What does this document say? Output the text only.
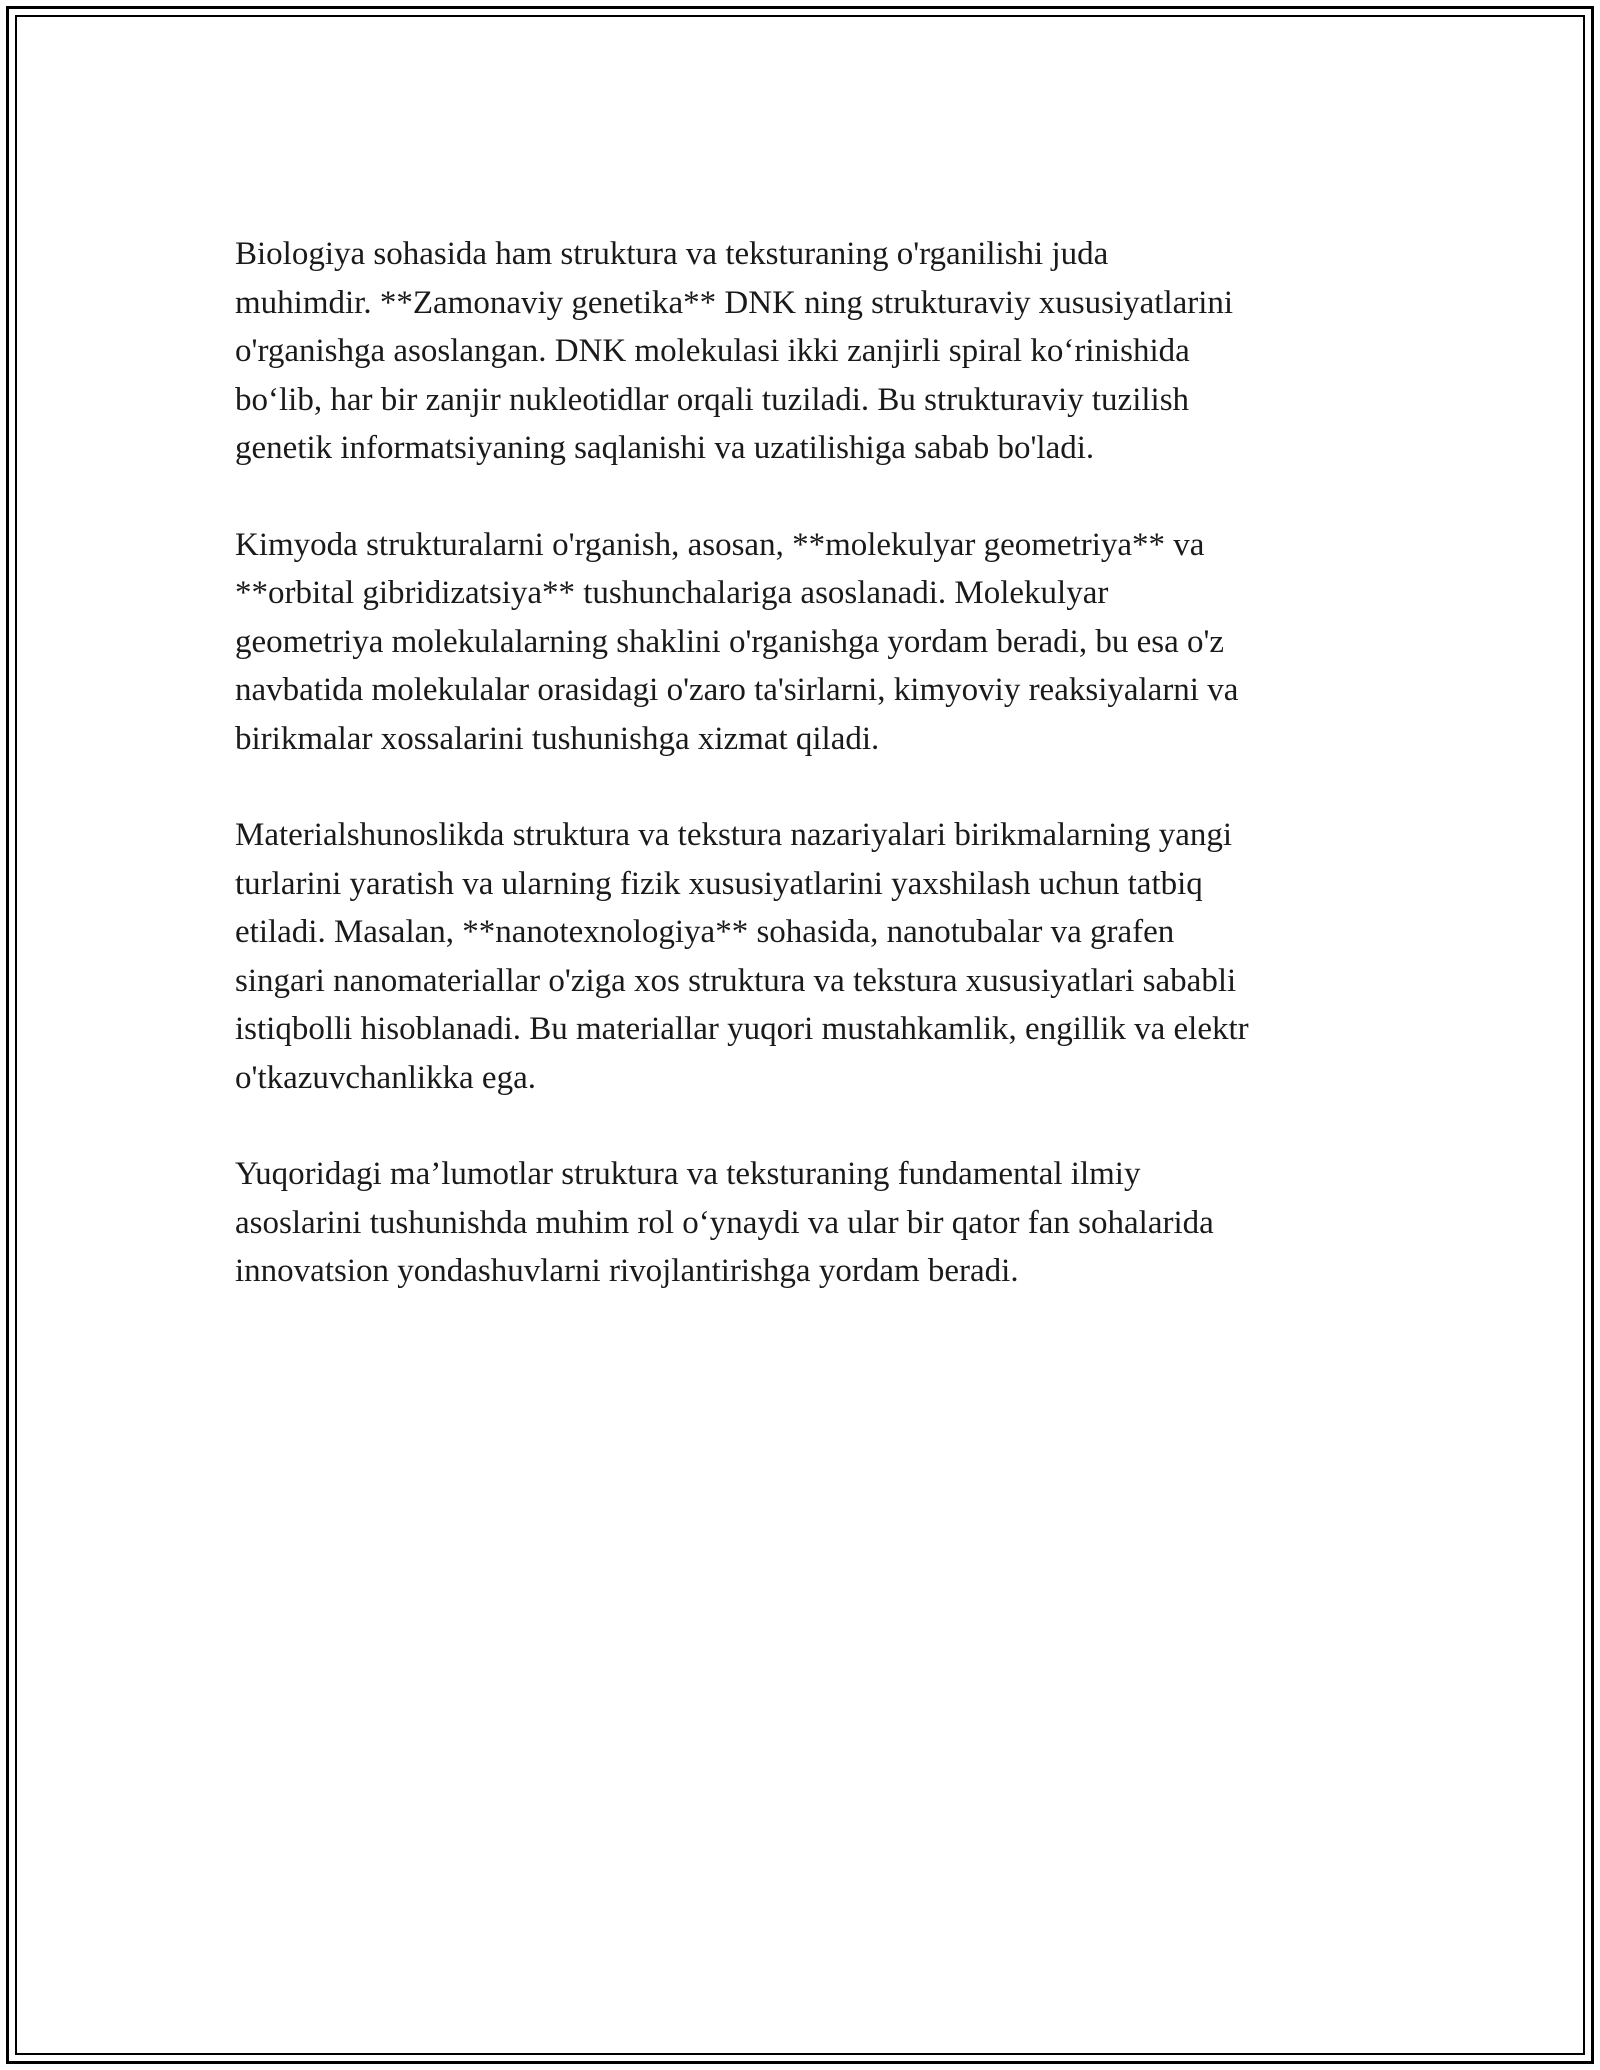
Biologiya sohasida ham struktura va teksturaning o'rganilishi juda
muhimdir. **Zamonaviy genetika** DNK ning strukturaviy xususiyatlarini
o'rganishga asoslangan. DNK molekulasi ikki zanjirli spiral ko‘rinishida
bo‘lib, har bir zanjir nukleotidlar orqali tuziladi. Bu strukturaviy tuzilish
genetik informatsiyaning saqlanishi va uzatilishiga sabab bo'ladi.

Kimyoda strukturalarni o'rganish, asosan, **molekulyar geometriya** va
**orbital gibridizatsiya** tushunchalariga asoslanadi. Molekulyar
geometriya molekulalarning shaklini o'rganishga yordam beradi, bu esa o'z
navbatida molekulalar orasidagi o'zaro ta'sirlarni, kimyoviy reaksiyalarni va
birikmalar xossalarini tushunishga xizmat qiladi.

Materialshunoslikda struktura va tekstura nazariyalari birikmalarning yangi
turlarini yaratish va ularning fizik xususiyatlarini yaxshilash uchun tatbiq
etiladi. Masalan, **nanotexnologiya** sohasida, nanotubalar va grafen
singari nanomateriallar o'ziga xos struktura va tekstura xususiyatlari sababli
istiqbolli hisoblanadi. Bu materiallar yuqori mustahkamlik, engillik va elektr
o'tkazuvchanlikka ega.

Yuqoridagi ma’lumotlar struktura va teksturaning fundamental ilmiy
asoslarini tushunishda muhim rol o‘ynaydi va ular bir qator fan sohalarida
innovatsion yondashuvlarni rivojlantirishga yordam beradi.
